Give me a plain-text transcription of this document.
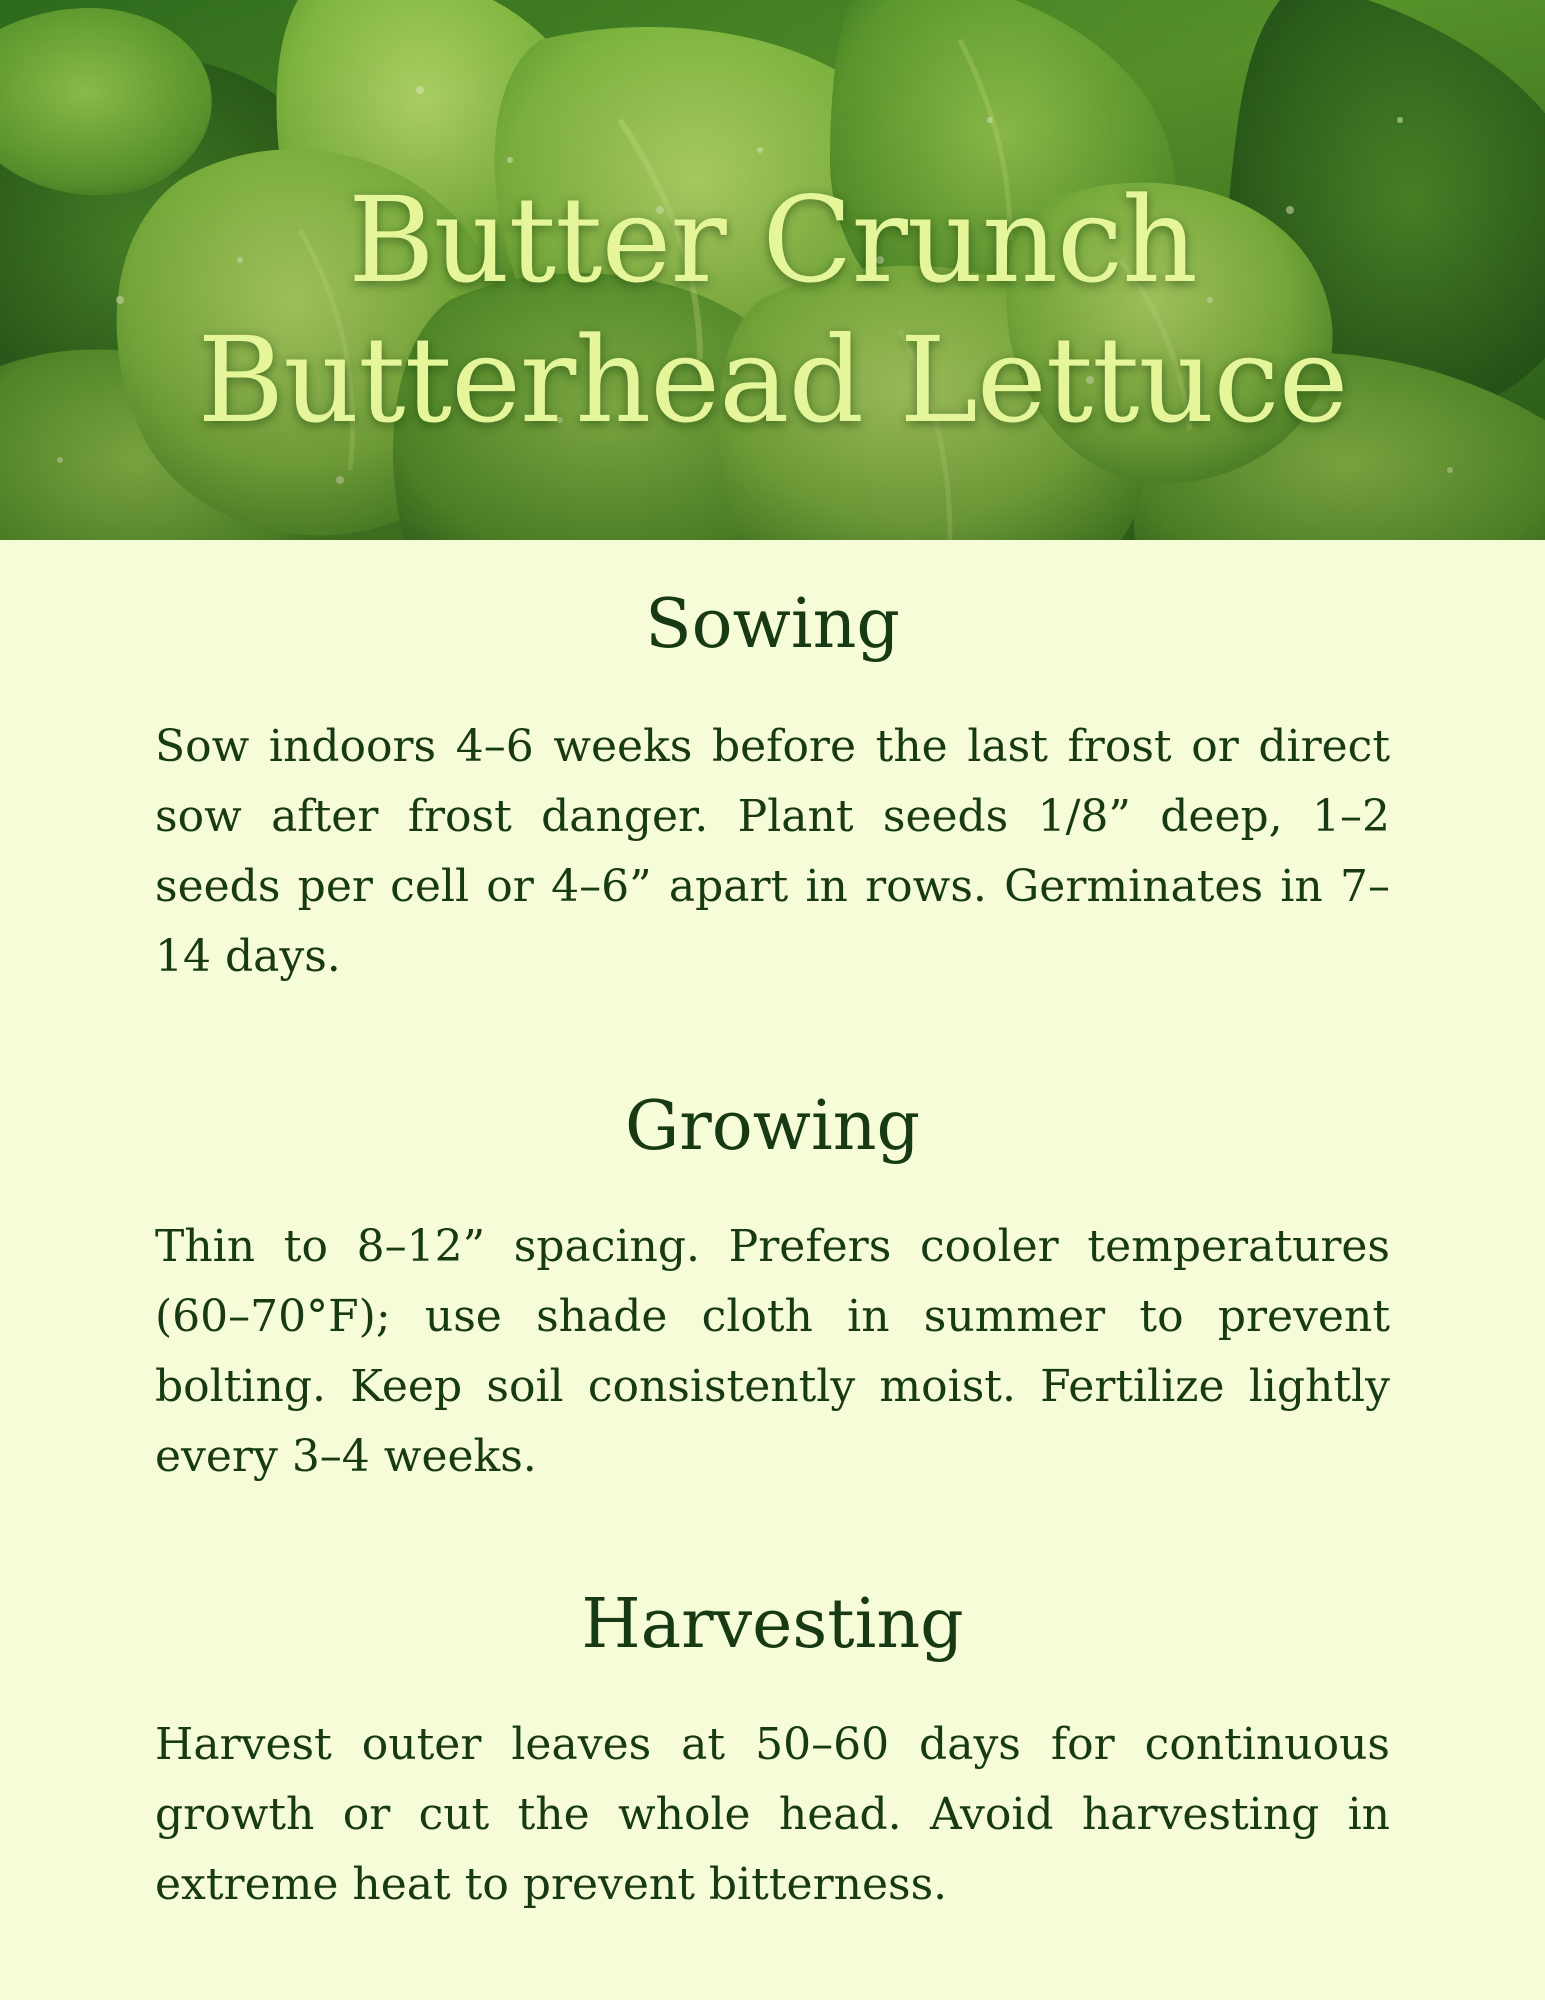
Butter Crunch
Butterhead Lettuce
Sowing

Sow indoors 4–6 weeks before the last frost or direct sow after frost danger. Plant seeds 1/8” deep, 1–2 seeds per cell or 4–6” apart in rows. Germinates in 7–14 days.

Growing

Thin to 8–12” spacing. Prefers cooler temperatures (60–70°F); use shade cloth in summer to prevent bolting. Keep soil consistently moist. Fertilize lightly every 3–4 weeks.

Harvesting

Harvest outer leaves at 50–60 days for continuous growth or cut the whole head. Avoid harvesting in extreme heat to prevent bitterness.
